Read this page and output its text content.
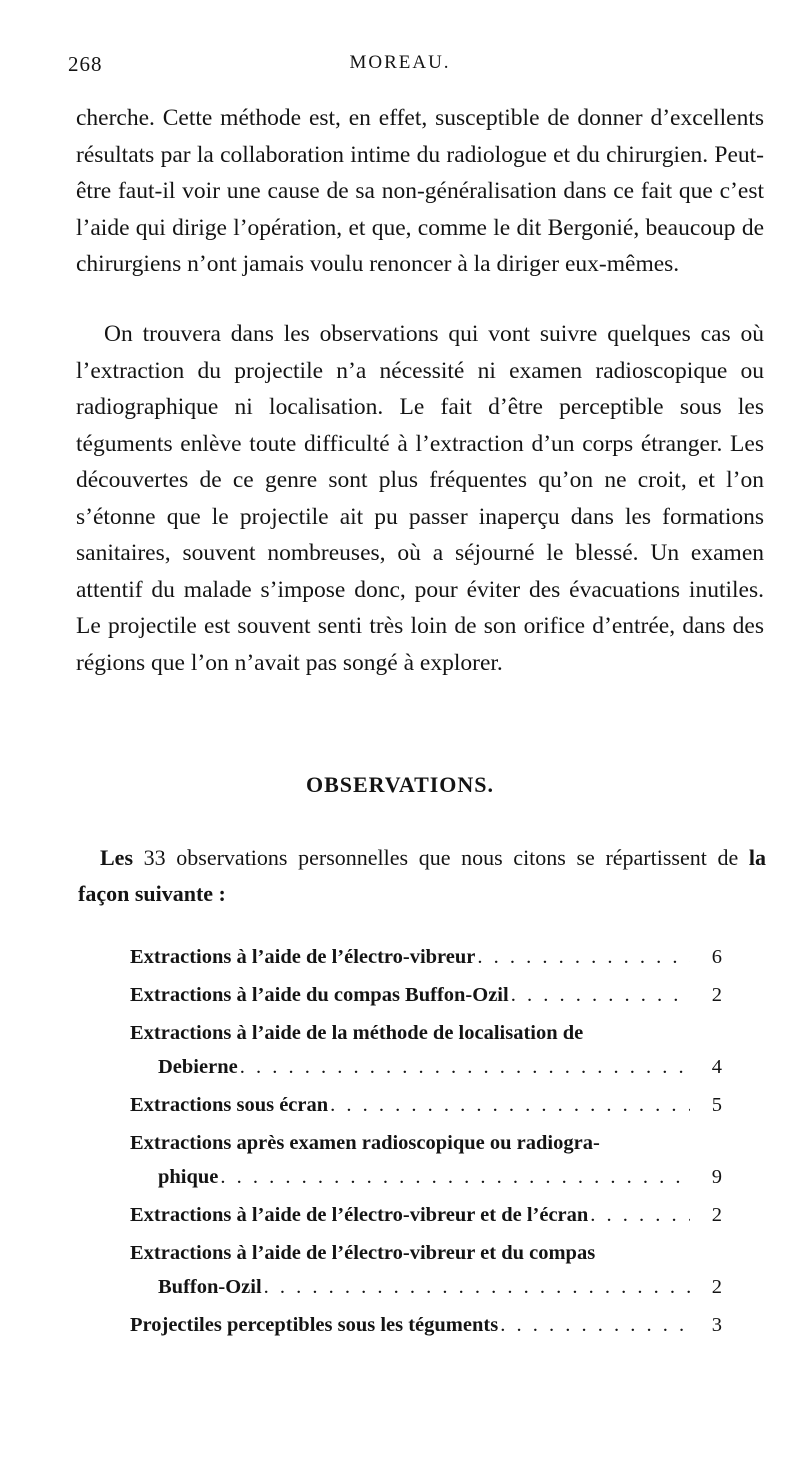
268	MOREAU.

cherche. Cette méthode est, en effet, susceptible de donner d’excellents résultats par la collaboration intime du radiologue et du chirurgien. Peut-être faut-il voir une cause de sa non-généralisation dans ce fait que c’est l’aide qui dirige l’opération, et que, comme le dit Bergonié, beaucoup de chirurgiens n’ont jamais voulu renoncer à la diriger eux-mêmes.

On trouvera dans les observations qui vont suivre quelques cas où l’extraction du projectile n’a nécessité ni examen radioscopique ou radiographique ni localisation. Le fait d’être perceptible sous les téguments enlève toute difficulté à l’extraction d’un corps étranger. Les découvertes de ce genre sont plus fréquentes qu’on ne croit, et l’on s’étonne que le projectile ait pu passer inaperçu dans les formations sanitaires, souvent nombreuses, où a séjourné le blessé. Un examen attentif du malade s’impose donc, pour éviter des évacuations inutiles. Le projectile est souvent senti très loin de son orifice d’entrée, dans des régions que l’on n’avait pas songé à explorer.

OBSERVATIONS.

Les 33 observations personnelles que nous citons se répartissent de la façon suivante :

Extractions à l’aide de l’électro-vibreur . . .	6
Extractions à l’aide du compas Buffon-Ozil . . .	2
Extractions à l’aide de la méthode de localisation de
Debierne . . .	4
Extractions sous écran . . .	5
Extractions après examen radioscopique ou radiogra-
phique . . .	9
Extractions à l’aide de l’électro-vibreur et de l’écran . . .	2
Extractions à l’aide de l’électro-vibreur et du compas
Buffon-Ozil . . .	2
Projectiles perceptibles sous les téguments . . .	3
